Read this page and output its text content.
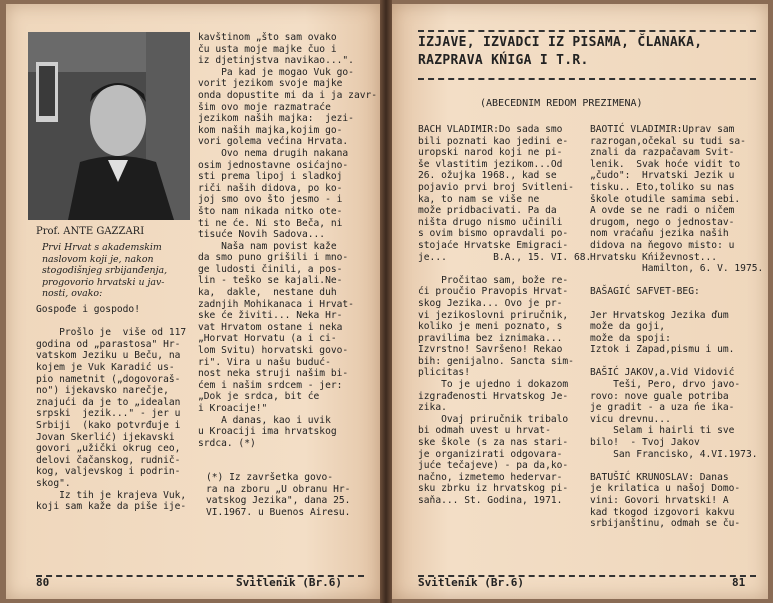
Prof. ANTE GAZZARI
Prvi Hrvat s akademskim
naslovom koji je, nakon
stogodišnjeg srbijanđenja,
progovorio hrvatski u jav-
nosti, ovako:
Gospođe i gospodo!

Prošlo je  više od 117
godina od „parastosa" Hr-
vatskom Jeziku u Beču, na
kojem je Vuk Karadić us-
pio nametnit („dogovoraš-
no") ijekavsko narečje,
znajući da je to „idealan
srpski  jezik..." - jer u
Srbiji  (kako potvrđuje i
Jovan Skerlić) ijekavski
govori „užički okrug ceo,
delovi čačanskog, rudnič-
kog, valjevskog i podrin-
skog".
Iz tih je krajeva Vuk,
koji sam kaže da piše ije-
kavštinom „što sam ovako
ču usta moje majke čuo i
iz djetinjstva navikao...".
Pa kad je mogao Vuk go-
vorit jezikom svoje majke
onda dopustite mi da i ja zavr-
šim ovo moje razmatraće
jezikom naših majka:  jezi-
kom naših majka,kojim go-
vori golema većina Hrvata.
Ovo nema drugih nakana
osim jednostavne osićajno-
sti prema lipoj i sladkoj
riči naših didova, po ko-
joj smo ovo što jesmo - i
što nam nikada nitko ote-
ti ne će. Ni sto Beča, ni
tisuće Novih Sadova...
Naša nam povist kaže
da smo puno grišili i mno-
ge ludosti činili, a pos-
lin - teško se kajali.Ne-
ka,  dakle,  nestane duh
zadnjih Mohikanaca i Hrvat-
ske će živiti... Neka Hr-
vat Hrvatom ostane i neka
„Horvat Horvatu (a i ci-
lom Svitu) horvatski govo-
ri". Vira u našu buduć-
nost neka struji našim bi-
ćem i našim srdcem - jer:
„Dok je srdca, bit će
i Kroacije!"
A danas, kao i uvik
u Kroaciji ima hrvatskog
srdca. (*)
(*) Iz završetka govo-
ra na zboru „U obranu Hr-
vatskog Jezika", dana 25.
VI.1967. u Buenos Airesu.
80	Svitlenik (Br.6)
IZJAVE, IZVADCI IZ PISAMA, ČLANAKA, RAZPRAVA KŃIGA I T.R.
(ABECEDNIM REDOM PREZIMENA)
BACH VLADIMIR:Do sada smo
bili poznati kao jedini e-
uropski narod koji ne pi-
še vlastitim jezikom...Od
26. ožujka 1968., kad se
pojavio prvi broj Svitleni-
ka, to nam se više ne
može pridbacivati. Pa da
ništa drugo nismo učinili
s ovim bismo opravdali po-
stojaće Hrvatske Emigraci-
je...        B.A., 15. VI. 68.

Pročitao sam, bože re-
ći proučio Pravopis Hrvat-
skog Jezika... Ovo je pr-
vi jezikoslovni priručnik,
koliko je meni poznato, s
pravilima bez iznimaka...
Izvrstno! Savršeno! Rekao
bih: genijalno. Sancta sim-
plicitas!
To je ujedno i dokazom
izgrađenosti Hrvatskog Je-
zika.
Ovaj priručnik tribalo
bi odmah uvest u hrvat-
ske škole (s za nas stari-
je organizirati odgovara-
juće tečajeve) - pa da,ko-
načno, izmetemo hedervar-
sku zbrku iz hrvatskog pi-
saňa... St. Godina, 1971.
BAOTIĆ VLADIMIR:Uprav sam
razrogan,očekal su tudi sa-
znali da razpačavam Svit-
lenik.  Svak hoće vidit to
„čudo":  Hrvatski Jezik u
tisku.. Eto,toliko su nas
škole otudile samima sebi.
A ovde se ne radi o ničem
drugom, nego o jednostav-
nom vraćaňu jezika naših
didova na ňegovo misto: u
Hrvatsku Kńiževnost...
Hamilton, 6. V. 1975.

BAŠAGIĆ SAFVET-BEG:

Jer Hrvatskog Jezika ďum
može da goji,
može da spoji:
Iztok i Zapad,pismu i um.

BAŠIĆ JAKOV,a.Vid Vidović
Teši, Pero, drvo javo-
rovo: nove guale potriba
je gradit - a uza ńe ika-
vicu drevnu...
Selam i hairli ti sve
bilo!  - Tvoj Jakov
San Francisko, 4.VI.1973.

BATUŠIĆ KRUNOSLAV: Danas
je krilatica u našoj Domo-
vini: Govori hrvatski! A
kad tkogod izgovori kakvu
srbijanštinu, odmah se ču-
Svitlenik (Br.6)	81
